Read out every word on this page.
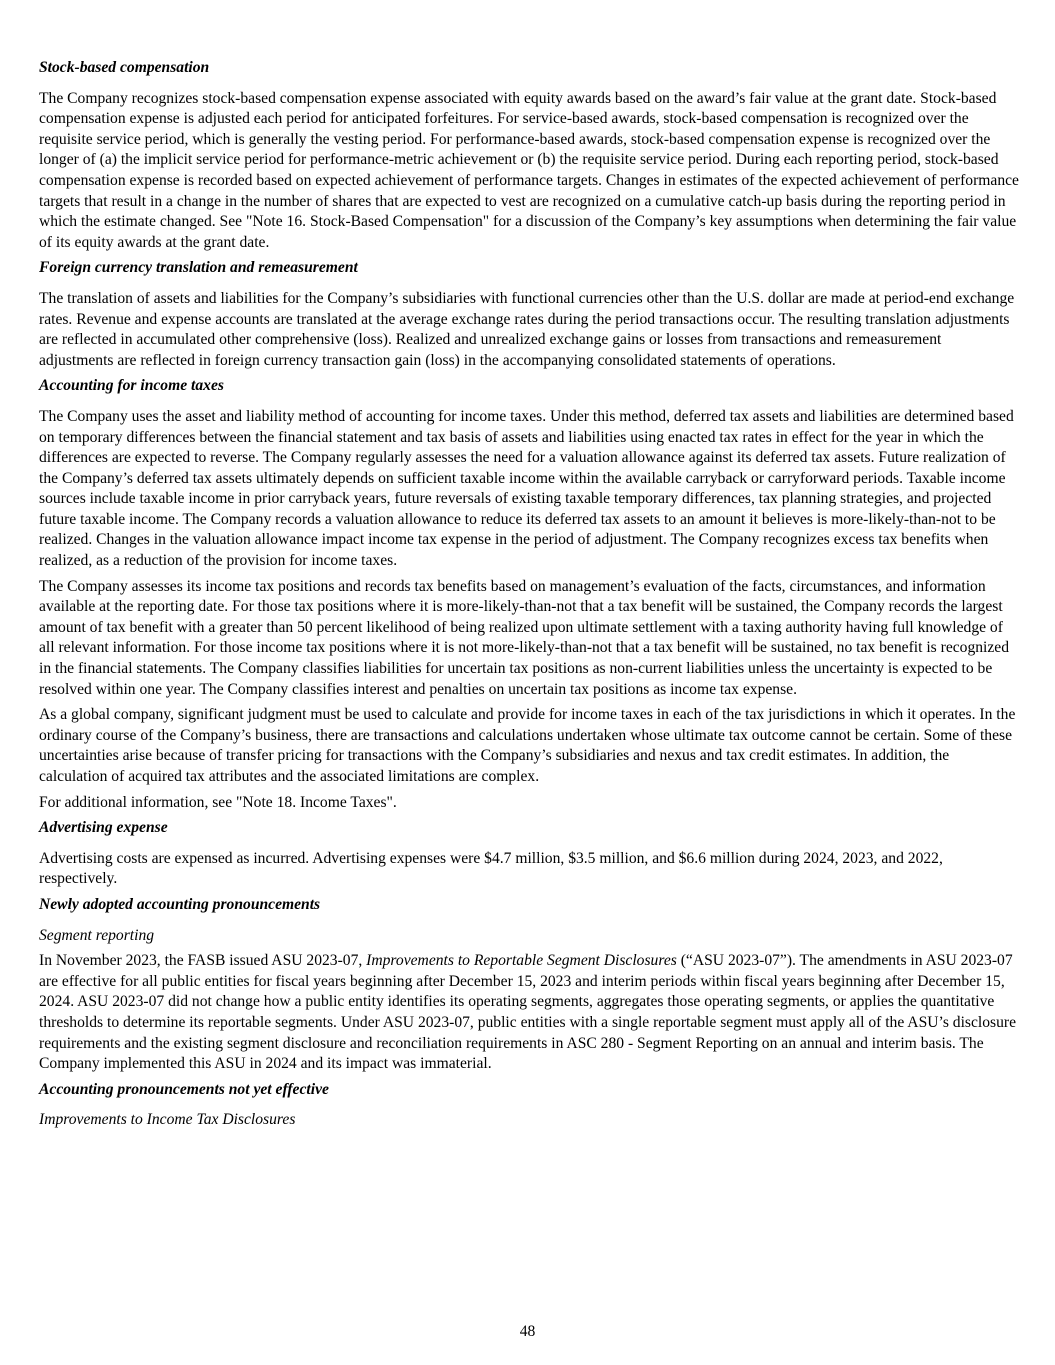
Stock-based compensation

The Company recognizes stock-based compensation expense associated with equity awards based on the award’s fair value at the grant date. Stock-based compensation expense is adjusted each period for anticipated forfeitures. For service-based awards, stock-based compensation is recognized over the requisite service period, which is generally the vesting period. For performance-based awards, stock-based compensation expense is recognized over the longer of (a) the implicit service period for performance-metric achievement or (b) the requisite service period. During each reporting period, stock-based compensation expense is recorded based on expected achievement of performance targets. Changes in estimates of the expected achievement of performance targets that result in a change in the number of shares that are expected to vest are recognized on a cumulative catch-up basis during the reporting period in which the estimate changed. See "Note 16. Stock-Based Compensation" for a discussion of the Company’s key assumptions when determining the fair value of its equity awards at the grant date.

Foreign currency translation and remeasurement

The translation of assets and liabilities for the Company’s subsidiaries with functional currencies other than the U.S. dollar are made at period-end exchange rates. Revenue and expense accounts are translated at the average exchange rates during the period transactions occur. The resulting translation adjustments are reflected in accumulated other comprehensive (loss). Realized and unrealized exchange gains or losses from transactions and remeasurement adjustments are reflected in foreign currency transaction gain (loss) in the accompanying consolidated statements of operations.

Accounting for income taxes

The Company uses the asset and liability method of accounting for income taxes. Under this method, deferred tax assets and liabilities are determined based on temporary differences between the financial statement and tax basis of assets and liabilities using enacted tax rates in effect for the year in which the differences are expected to reverse. The Company regularly assesses the need for a valuation allowance against its deferred tax assets. Future realization of the Company’s deferred tax assets ultimately depends on sufficient taxable income within the available carryback or carryforward periods. Taxable income sources include taxable income in prior carryback years, future reversals of existing taxable temporary differences, tax planning strategies, and projected future taxable income. The Company records a valuation allowance to reduce its deferred tax assets to an amount it believes is more-likely-than-not to be realized. Changes in the valuation allowance impact income tax expense in the period of adjustment. The Company recognizes excess tax benefits when realized, as a reduction of the provision for income taxes.

The Company assesses its income tax positions and records tax benefits based on management’s evaluation of the facts, circumstances, and information available at the reporting date. For those tax positions where it is more-likely-than-not that a tax benefit will be sustained, the Company records the largest amount of tax benefit with a greater than 50 percent likelihood of being realized upon ultimate settlement with a taxing authority having full knowledge of all relevant information. For those income tax positions where it is not more-likely-than-not that a tax benefit will be sustained, no tax benefit is recognized in the financial statements. The Company classifies liabilities for uncertain tax positions as non-current liabilities unless the uncertainty is expected to be resolved within one year. The Company classifies interest and penalties on uncertain tax positions as income tax expense.

As a global company, significant judgment must be used to calculate and provide for income taxes in each of the tax jurisdictions in which it operates. In the ordinary course of the Company’s business, there are transactions and calculations undertaken whose ultimate tax outcome cannot be certain. Some of these uncertainties arise because of transfer pricing for transactions with the Company’s subsidiaries and nexus and tax credit estimates. In addition, the calculation of acquired tax attributes and the associated limitations are complex.

For additional information, see "Note 18. Income Taxes".

Advertising expense

Advertising costs are expensed as incurred. Advertising expenses were $4.7 million, $3.5 million, and $6.6 million during 2024, 2023, and 2022, respectively.

Newly adopted accounting pronouncements
Segment reporting

In November 2023, the FASB issued ASU 2023-07, Improvements to Reportable Segment Disclosures (“ASU 2023-07”). The amendments in ASU 2023-07 are effective for all public entities for fiscal years beginning after December 15, 2023 and interim periods within fiscal years beginning after December 15, 2024. ASU 2023-07 did not change how a public entity identifies its operating segments, aggregates those operating segments, or applies the quantitative thresholds to determine its reportable segments. Under ASU 2023-07, public entities with a single reportable segment must apply all of the ASU’s disclosure requirements and the existing segment disclosure and reconciliation requirements in ASC 280 - Segment Reporting on an annual and interim basis. The Company implemented this ASU in 2024 and its impact was immaterial.

Accounting pronouncements not yet effective
Improvements to Income Tax Disclosures
48
